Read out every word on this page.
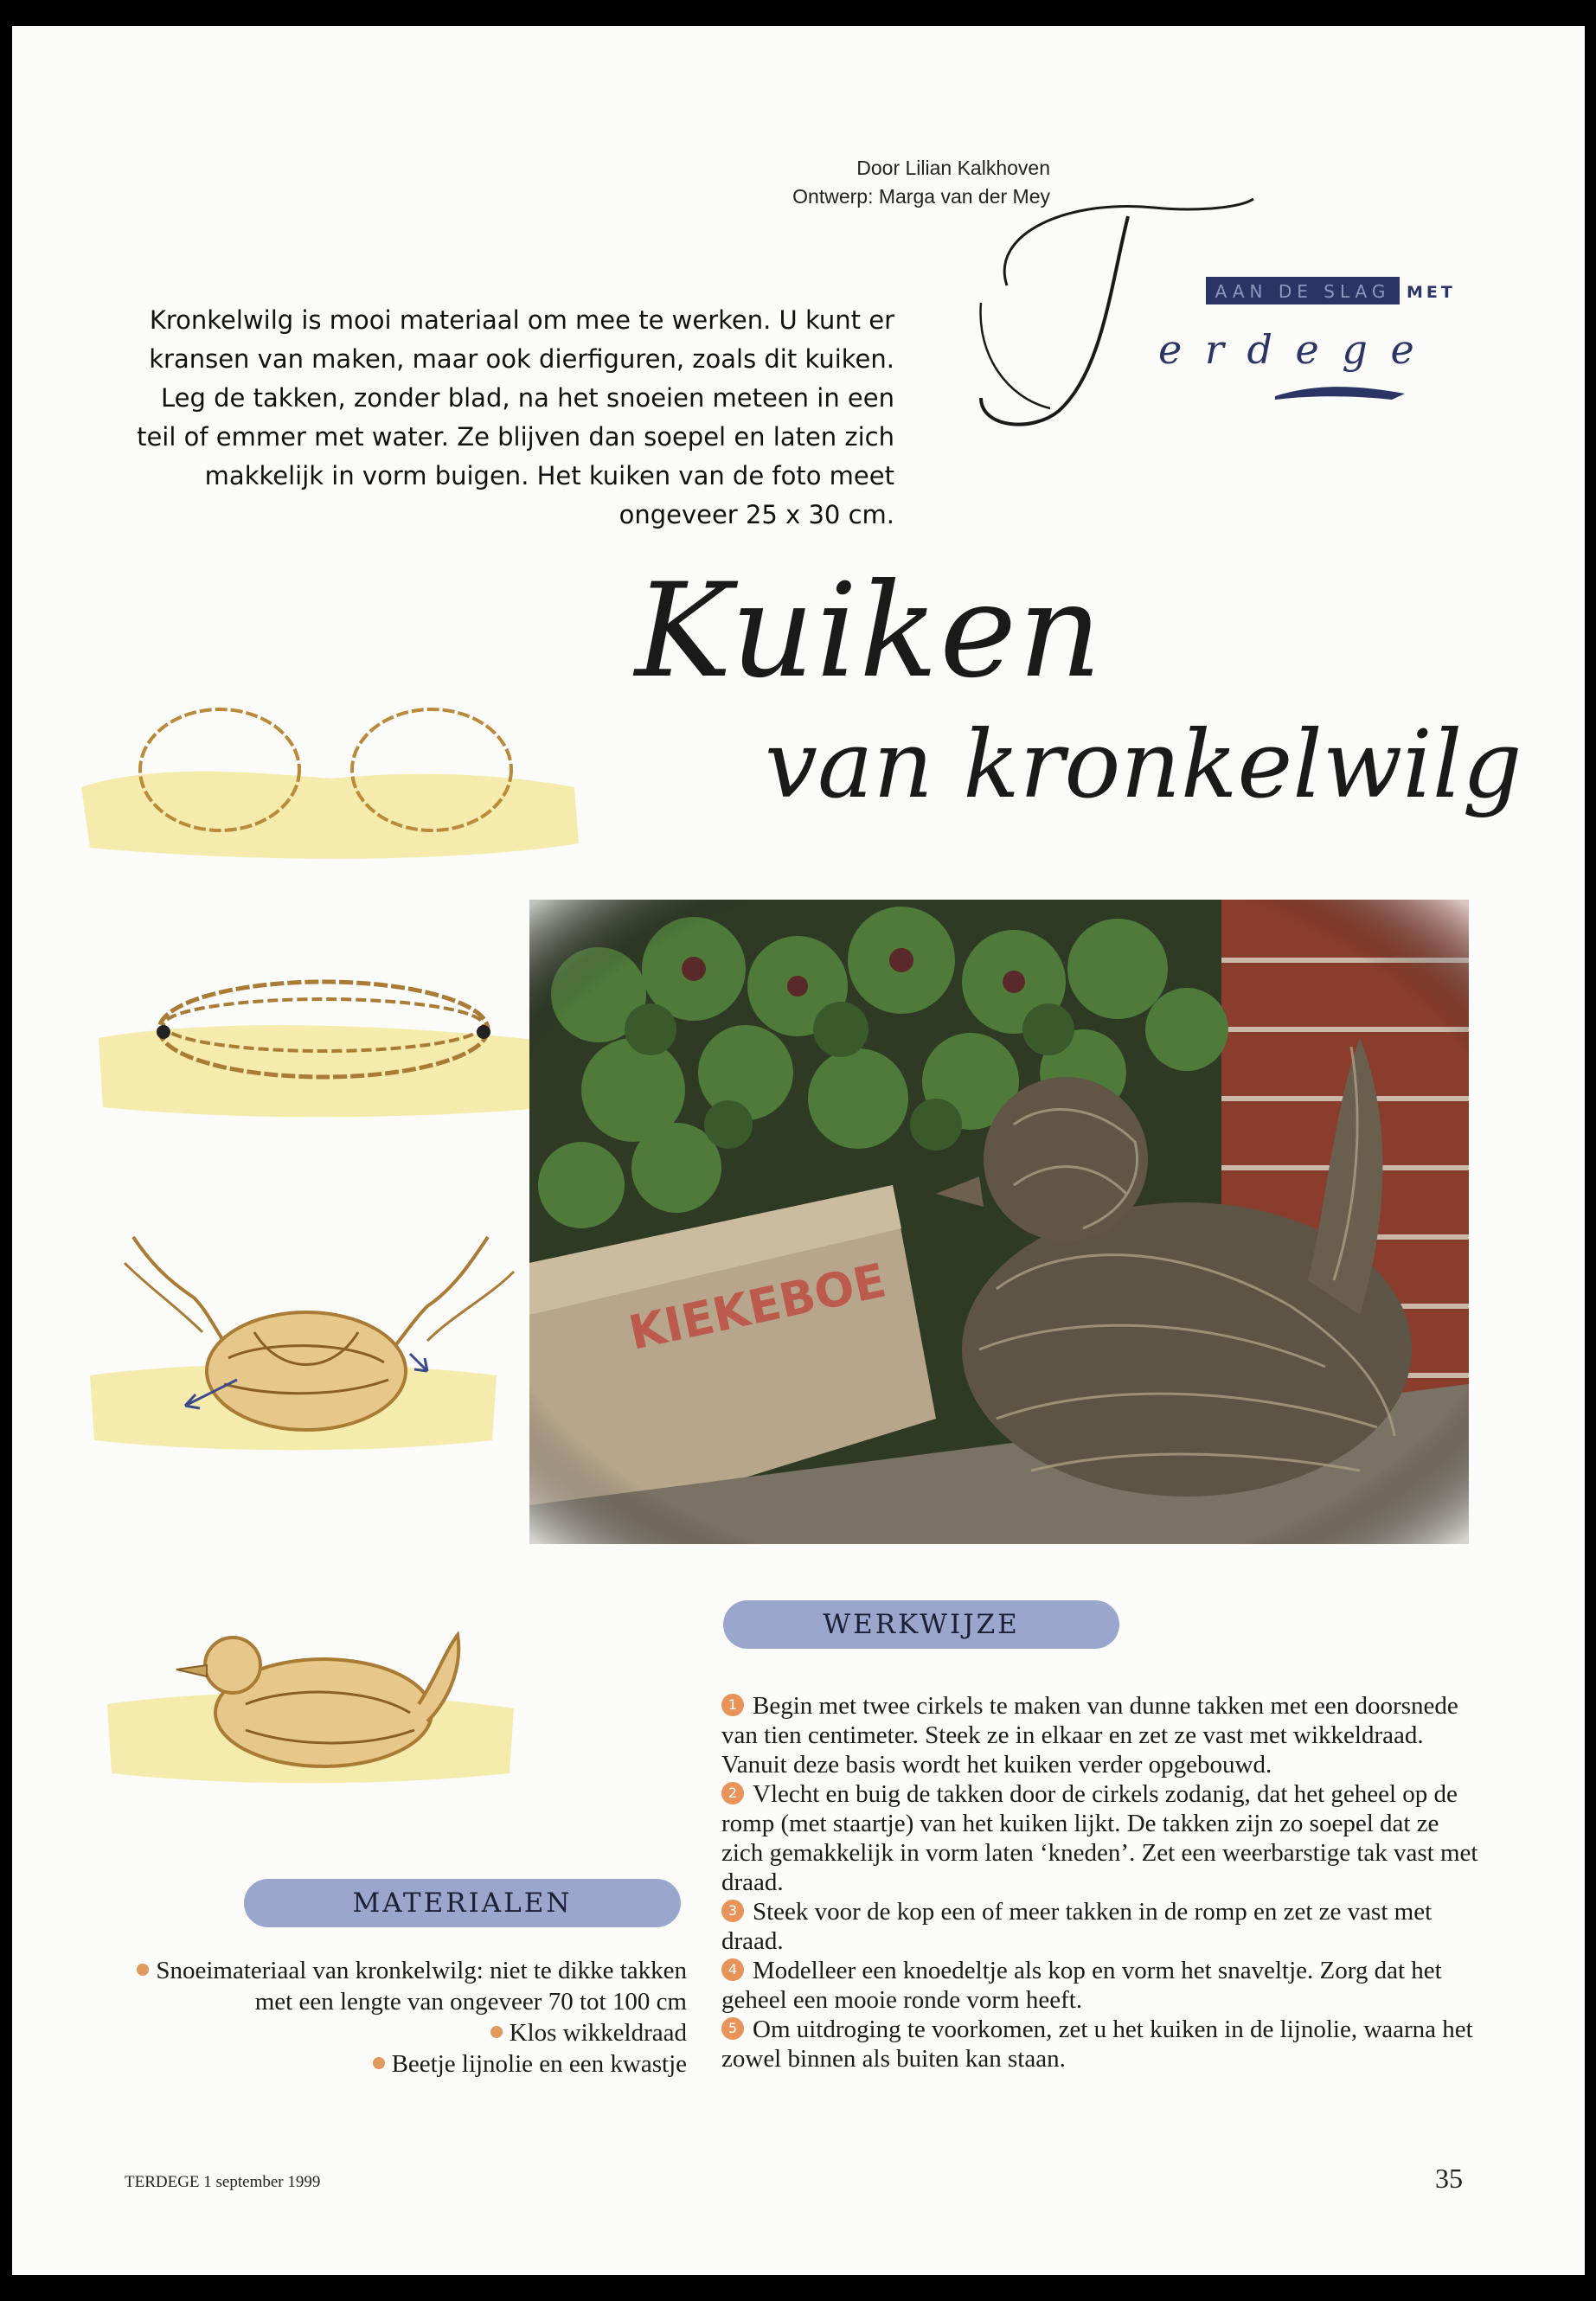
Door Lilian Kalkhoven
Ontwerp: Marga van der Mey
Kronkelwilg is mooi materiaal om mee te werken. U kunt er kransen van maken, maar ook dierfiguren, zoals dit kuiken. Leg de takken, zonder blad, na het snoeien meteen in een teil of emmer met water. Ze blijven dan soepel en laten zich makkelijk in vorm buigen. Het kuiken van de foto meet ongeveer 25 x 30 cm.
AAN DE SLAG MET
e r d e g e
Kuiken
van kronkelwilg
WERKWIJZE

1 Begin met twee cirkels te maken van dunne takken met een doorsnede van tien centimeter. Steek ze in elkaar en zet ze vast met wikkeldraad. Vanuit deze basis wordt het kuiken verder opgebouwd.

2 Vlecht en buig de takken door de cirkels zodanig, dat het geheel op de romp (met staartje) van het kuiken lijkt. De takken zijn zo soepel dat ze zich gemakkelijk in vorm laten ‘kneden’. Zet een weerbarstige tak vast met draad.

3 Steek voor de kop een of meer takken in de romp en zet ze vast met draad.

4 Modelleer een knoedeltje als kop en vorm het snaveltje. Zorg dat het geheel een mooie ronde vorm heeft.

5 Om uitdroging te voorkomen, zet u het kuiken in de lijnolie, waarna het zowel binnen als buiten kan staan.

MATERIALEN

Snoeimateriaal van kronkelwilg: niet te dikke takken met een lengte van ongeveer 70 tot 100 cm

Klos wikkeldraad

Beetje lijnolie en een kwastje

TERDEGE 1 september 1999	35
